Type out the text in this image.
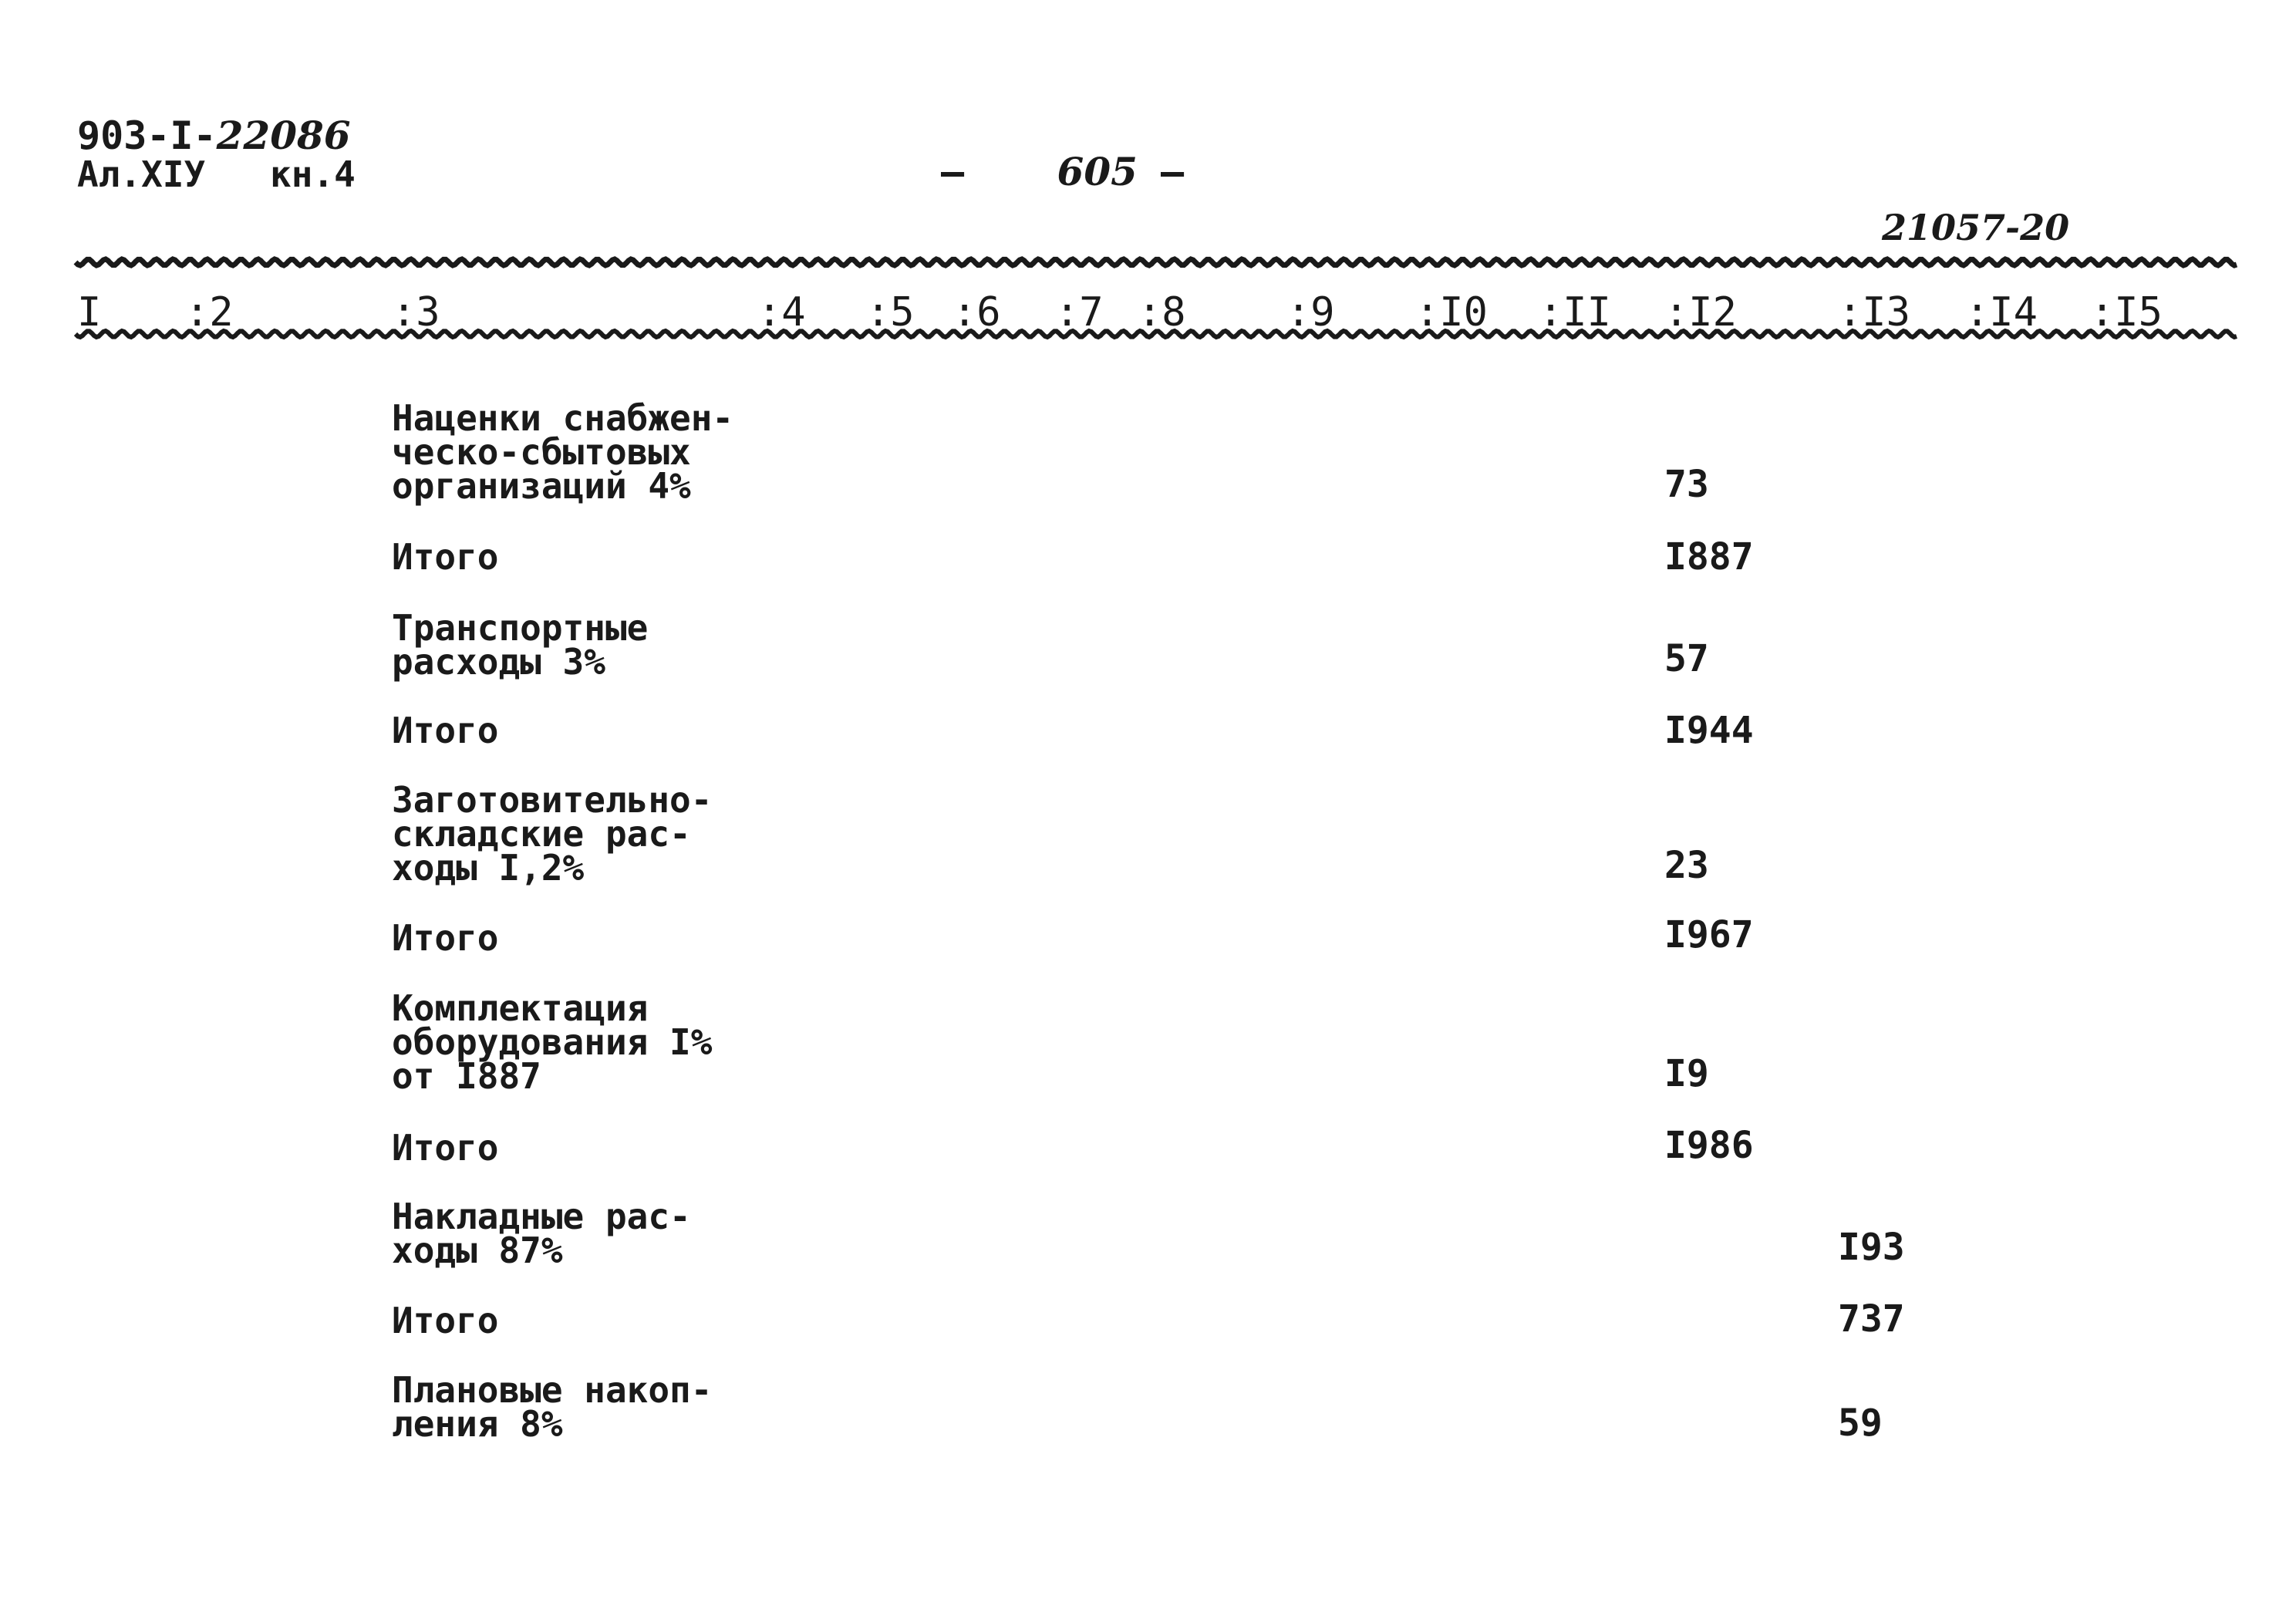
903-I-22086
Ал.XIУ кн.4	– 605 –
21057-20
I :2	:3	:4 :5 :6 :7 :8	:9 :I0 :II :I2	:I3 :I4 :I5
Наценки снабжен-
ческо-сбытовых
организаций 4%	73
Итого	I887
Транспортные
расходы 3%	57
Итого	I944
Заготовительно-
складские рас-
ходы I,2%	23
Итого	I967
Комплектация
оборудования I%
от I887	I9
Итого	I986
Накладные рас-
ходы 87%	I93
Итого	737
Плановые накоп-
ления 8%	59
